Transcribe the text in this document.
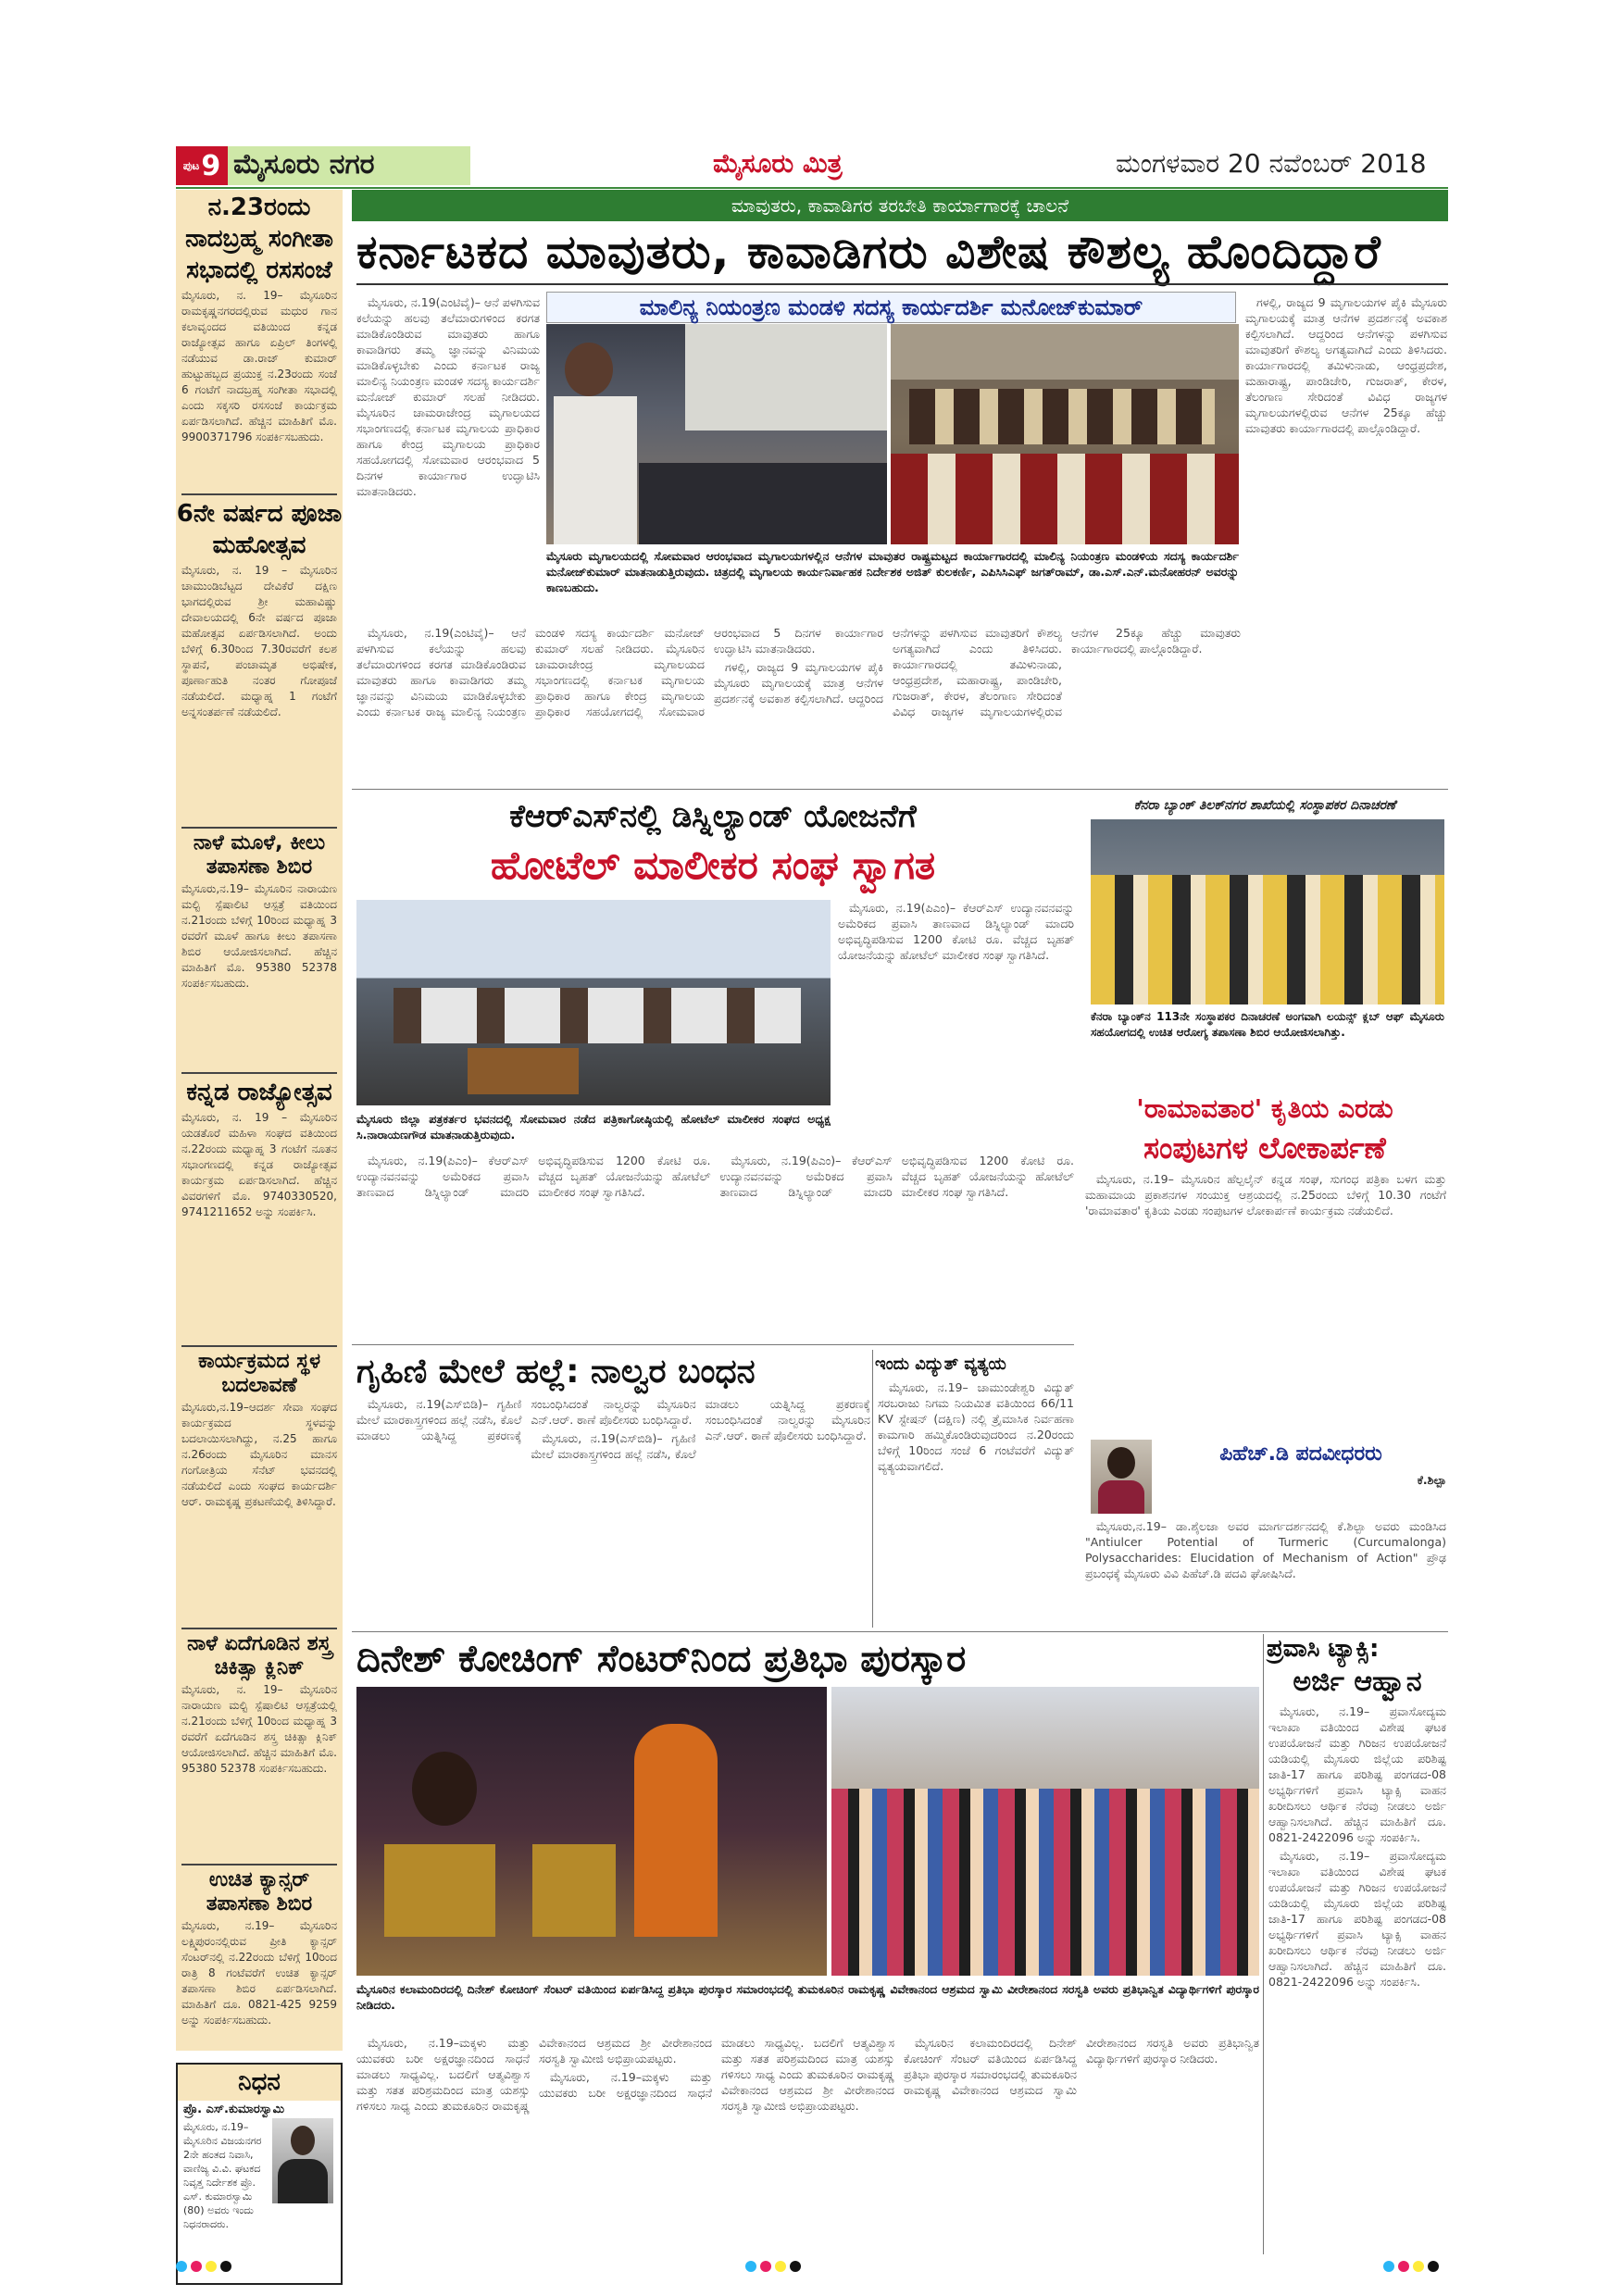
ಪುಟ 9 ಮೈಸೂರು ನಗರ	ಮೈಸೂರು ಮಿತ್ರ	ಮಂಗಳವಾರ 20 ನವೆಂಬರ್ 2018
ನ.23ರಂದು ನಾದಬ್ರಹ್ಮ ಸಂಗೀತಾ ಸಭಾದಲ್ಲಿ ರಸಸಂಜೆ
ಮೈಸೂರು, ನ. 19– ಮೈಸೂರಿನ ರಾಮಕೃಷ್ಣನಗರದಲ್ಲಿರುವ ಮಧುರ ಗಾನ ಕಲಾವೃಂದದ ವತಿಯಿಂದ ಕನ್ನಡ ರಾಜ್ಯೋತ್ಸವ ಹಾಗೂ ಏಪ್ರಿಲ್ ತಿಂಗಳಲ್ಲಿ ನಡೆಯುವ ಡಾ.ರಾಜ್ ಕುಮಾರ್ ಹುಟ್ಟುಹಬ್ಬದ ಪ್ರಯುಕ್ತ ನ.23ರಂದು ಸಂಜೆ 6 ಗಂಟೆಗೆ ನಾದಬ್ರಹ್ಮ ಸಂಗೀತಾ ಸಭಾದಲ್ಲಿ ಎಂದು ಸಕ್ಕಸರಿ ರಸಸಂಜೆ ಕಾರ್ಯಕ್ರಮ ಏರ್ಪಡಿಸಲಾಗಿದೆ. ಹೆಚ್ಚಿನ ಮಾಹಿತಿಗೆ ಮೊ. 9900371796 ಸಂಪರ್ಕಿಸಬಹುದು.
6ನೇ ವರ್ಷದ ಪೂಜಾ ಮಹೋತ್ಸವ
ಮೈಸೂರು, ನ. 19 – ಮೈಸೂರಿನ ಚಾಮುಂಡಿಬೆಟ್ಟದ ದೇವಿಕೆರೆ ದಕ್ಷಿಣ ಭಾಗದಲ್ಲಿರುವ ಶ್ರೀ ಮಹಾವಿಷ್ಣು ದೇವಾಲಯದಲ್ಲಿ 6ನೇ ವರ್ಷದ ಪೂಜಾ ಮಹೋತ್ಸವ ಏರ್ಪಡಿಸಲಾಗಿದೆ. ಅಂದು ಬೆಳಿಗ್ಗೆ 6.30ರಿಂದ 7.30ರವರೆಗೆ ಕಲಶ ಸ್ಥಾಪನೆ, ಪಂಚಾಮೃತ ಅಭಿಷೇಕ, ಪೂರ್ಣಾಹುತಿ ನಂತರ ಗೋಪೂಜೆ ನಡೆಯಲಿದೆ. ಮಧ್ಯಾಹ್ನ 1 ಗಂಟೆಗೆ ಅನ್ನಸಂತರ್ಪಣೆ ನಡೆಯಲಿದೆ.
ನಾಳೆ ಮೂಳೆ, ಕೀಲು ತಪಾಸಣಾ ಶಿಬಿರ
ಮೈಸೂರು,ನ.19– ಮೈಸೂರಿನ ನಾರಾಯಣ ಮಲ್ಟಿ ಸ್ಪೆಷಾಲಿಟಿ ಆಸ್ಪತ್ರೆ ವತಿಯಿಂದ ನ.21ರಂದು ಬೆಳಿಗ್ಗೆ 10ರಿಂದ ಮಧ್ಯಾಹ್ನ 3 ರವರೆಗೆ ಮೂಳೆ ಹಾಗೂ ಕೀಲು ತಪಾಸಣಾ ಶಿಬಿರ ಆಯೋಜಿಸಲಾಗಿದೆ. ಹೆಚ್ಚಿನ ಮಾಹಿತಿಗೆ ಮೊ. 95380 52378 ಸಂಪರ್ಕಿಸಬಹುದು.
ಕನ್ನಡ ರಾಜ್ಯೋತ್ಸವ
ಮೈಸೂರು, ನ. 19 – ಮೈಸೂರಿನ ಯಡತೊರೆ ಮಹಿಳಾ ಸಂಘದ ವತಿಯಿಂದ ನ.22ರಂದು ಮಧ್ಯಾಹ್ನ 3 ಗಂಟೆಗೆ ನೂತನ ಸಭಾಂಗಣದಲ್ಲಿ ಕನ್ನಡ ರಾಜ್ಯೋತ್ಸವ ಕಾರ್ಯಕ್ರಮ ಏರ್ಪಡಿಸಲಾಗಿದೆ. ಹೆಚ್ಚಿನ ವಿವರಗಳಿಗೆ ಮೊ. 9740330520, 9741211652 ಅನ್ನು ಸಂಪರ್ಕಿಸಿ.
ಕಾರ್ಯಕ್ರಮದ ಸ್ಥಳ ಬದಲಾವಣೆ
ಮೈಸೂರು,ನ.19–ಆದರ್ಶ ಸೇವಾ ಸಂಘದ ಕಾರ್ಯಕ್ರಮದ ಸ್ಥಳವನ್ನು ಬದಲಾಯಿಸಲಾಗಿದ್ದು, ನ.25 ಹಾಗೂ ನ.26ರಂದು ಮೈಸೂರಿನ ಮಾನಸ ಗಂಗೋತ್ರಿಯ ಸೆನೆಟ್ ಭವನದಲ್ಲಿ ನಡೆಯಲಿದೆ ಎಂದು ಸಂಘದ ಕಾರ್ಯದರ್ಶಿ ಆರ್. ರಾಮಕೃಷ್ಣ ಪ್ರಕಟಣೆಯಲ್ಲಿ ತಿಳಿಸಿದ್ದಾರೆ.
ನಾಳೆ ಏದೆಗೂಡಿನ ಶಸ್ತ್ರ ಚಿಕಿತ್ಸಾ ಕ್ಲಿನಿಕ್
ಮೈಸೂರು, ನ. 19– ಮೈಸೂರಿನ ನಾರಾಯಣ ಮಲ್ಟಿ ಸ್ಪೆಷಾಲಿಟಿ ಆಸ್ಪತ್ರೆಯಲ್ಲಿ ನ.21ರಂದು ಬೆಳಿಗ್ಗೆ 10ರಿಂದ ಮಧ್ಯಾಹ್ನ 3 ರವರೆಗೆ ಏದೆಗೂಡಿನ ಶಸ್ತ್ರ ಚಿಕಿತ್ಸಾ ಕ್ಲಿನಿಕ್ ಆಯೋಜಿಸಲಾಗಿದೆ. ಹೆಚ್ಚಿನ ಮಾಹಿತಿಗೆ ಮೊ. 95380 52378 ಸಂಪರ್ಕಿಸಬಹುದು.
ಉಚಿತ ಕ್ಯಾನ್ಸರ್ ತಪಾಸಣಾ ಶಿಬಿರ
ಮೈಸೂರು, ನ.19– ಮೈಸೂರಿನ ಲಕ್ಷ್ಮಿಪುರಂನಲ್ಲಿರುವ ಪ್ರೀತಿ ಕ್ಯಾನ್ಸರ್ ಸೆಂಟರ್‌ನಲ್ಲಿ ನ.22ರಂದು ಬೆಳಿಗ್ಗೆ 10ರಿಂದ ರಾತ್ರಿ 8 ಗಂಟೆವರೆಗೆ ಉಚಿತ ಕ್ಯಾನ್ಸರ್ ತಪಾಸಣಾ ಶಿಬಿರ ಏರ್ಪಡಿಸಲಾಗಿದೆ. ಮಾಹಿತಿಗೆ ದೂ. 0821-425 9259 ಅನ್ನು ಸಂಪರ್ಕಿಸಬಹುದು.
ನಿಧನ
ಪ್ರೊ. ಎಸ್.ಕುಮಾರಸ್ವಾಮಿ
ಮೈಸೂರು, ನ.19– ಮೈಸೂರಿನ ವಿಜಯನಗರ 2ನೇ ಹಂತದ ನಿವಾಸಿ, ವಾಣಿಜ್ಯ ವಿ.ವಿ. ಘಟಕದ ನಿವೃತ್ತ ನಿರ್ದೇಶಕ ಪ್ರೊ. ಎಸ್. ಕುಮಾರಸ್ವಾಮಿ (80) ಅವರು ಇಂದು ನಿಧನರಾದರು.
ಮಾವುತರು, ಕಾವಾಡಿಗರ ತರಬೇತಿ ಕಾರ್ಯಾಗಾರಕ್ಕೆ ಚಾಲನೆ
ಕರ್ನಾಟಕದ ಮಾವುತರು, ಕಾವಾಡಿಗರು ವಿಶೇಷ ಕೌಶಲ್ಯ ಹೊಂದಿದ್ದಾರೆ

ಮೈಸೂರು, ನ.19(ಎಂಟಿವೈ)– ಆನೆ ಪಳಗಿಸುವ ಕಲೆಯನ್ನು ಹಲವು ತಲೆಮಾರುಗಳಿಂದ ಕರಗತ ಮಾಡಿಕೊಂಡಿರುವ ಮಾವುತರು ಹಾಗೂ ಕಾವಾಡಿಗರು ತಮ್ಮ ಜ್ಞಾನವನ್ನು ವಿನಿಮಯ ಮಾಡಿಕೊಳ್ಳಬೇಕು ಎಂದು ಕರ್ನಾಟಕ ರಾಜ್ಯ ಮಾಲಿನ್ಯ ನಿಯಂತ್ರಣ ಮಂಡಳಿ ಸದಸ್ಯ ಕಾರ್ಯದರ್ಶಿ ಮನೋಜ್ ಕುಮಾರ್ ಸಲಹೆ ನೀಡಿದರು. ಮೈಸೂರಿನ ಚಾಮರಾಜೇಂದ್ರ ಮೃಗಾಲಯದ ಸಭಾಂಗಣದಲ್ಲಿ ಕರ್ನಾಟಕ ಮೃಗಾಲಯ ಪ್ರಾಧಿಕಾರ ಹಾಗೂ ಕೇಂದ್ರ ಮೃಗಾಲಯ ಪ್ರಾಧಿಕಾರ ಸಹಯೋಗದಲ್ಲಿ ಸೋಮವಾರ ಆರಂಭವಾದ 5 ದಿನಗಳ ಕಾರ್ಯಾಗಾರ ಉದ್ಘಾಟಿಸಿ ಮಾತನಾಡಿದರು.

ಮಾಲಿನ್ಯ ನಿಯಂತ್ರಣ ಮಂಡಳಿ ಸದಸ್ಯ ಕಾರ್ಯದರ್ಶಿ ಮನೋಜ್‌ಕುಮಾರ್
ಮೈಸೂರು ಮೃಗಾಲಯದಲ್ಲಿ ಸೋಮವಾರ ಆರಂಭವಾದ ಮೃಗಾಲಯಗಳಲ್ಲಿನ ಆನೆಗಳ ಮಾವುತರ ರಾಷ್ಟ್ರಮಟ್ಟದ ಕಾರ್ಯಾಗಾರದಲ್ಲಿ ಮಾಲಿನ್ಯ ನಿಯಂತ್ರಣ ಮಂಡಳಿಯ ಸದಸ್ಯ ಕಾರ್ಯದರ್ಶಿ ಮನೋಜ್‌ಕುಮಾರ್ ಮಾತನಾಡುತ್ತಿರುವುದು. ಚಿತ್ರದಲ್ಲಿ ಮೃಗಾಲಯ ಕಾರ್ಯನಿರ್ವಾಹಕ ನಿರ್ದೇಶಕ ಅಜಿತ್ ಕುಲಕರ್ಣಿ, ಎಪಿಸಿಸಿಎಫ್ ಜಗತ್‌ರಾಮ್, ಡಾ.ಎಸ್.ಎನ್.ಮನೋಹರನ್ ಅವರನ್ನು ಕಾಣಬಹುದು.

ಗಳಲ್ಲಿ, ರಾಜ್ಯದ 9 ಮೃಗಾಲಯಗಳ ಪೈಕಿ ಮೈಸೂರು ಮೃಗಾಲಯಕ್ಕೆ ಮಾತ್ರ ಆನೆಗಳ ಪ್ರದರ್ಶನಕ್ಕೆ ಅವಕಾಶ ಕಲ್ಪಿಸಲಾಗಿದೆ. ಆದ್ದರಿಂದ ಆನೆಗಳನ್ನು ಪಳಗಿಸುವ ಮಾವುತರಿಗೆ ಕೌಶಲ್ಯ ಅಗತ್ಯವಾಗಿದೆ ಎಂದು ತಿಳಿಸಿದರು. ಕಾರ್ಯಾಗಾರದಲ್ಲಿ ತಮಿಳುನಾಡು, ಆಂಧ್ರಪ್ರದೇಶ, ಮಹಾರಾಷ್ಟ್ರ, ಪಾಂಡಿಚೇರಿ, ಗುಜರಾತ್, ಕೇರಳ, ತೆಲಂಗಾಣ ಸೇರಿದಂತೆ ವಿವಿಧ ರಾಜ್ಯಗಳ ಮೃಗಾಲಯಗಳಲ್ಲಿರುವ ಆನೆಗಳ 25ಕ್ಕೂ ಹೆಚ್ಚು ಮಾವುತರು ಕಾರ್ಯಾಗಾರದಲ್ಲಿ ಪಾಲ್ಗೊಂಡಿದ್ದಾರೆ.

ಮೈಸೂರು, ನ.19(ಎಂಟಿವೈ)– ಆನೆ ಪಳಗಿಸುವ ಕಲೆಯನ್ನು ಹಲವು ತಲೆಮಾರುಗಳಿಂದ ಕರಗತ ಮಾಡಿಕೊಂಡಿರುವ ಮಾವುತರು ಹಾಗೂ ಕಾವಾಡಿಗರು ತಮ್ಮ ಜ್ಞಾನವನ್ನು ವಿನಿಮಯ ಮಾಡಿಕೊಳ್ಳಬೇಕು ಎಂದು ಕರ್ನಾಟಕ ರಾಜ್ಯ ಮಾಲಿನ್ಯ ನಿಯಂತ್ರಣ ಮಂಡಳಿ ಸದಸ್ಯ ಕಾರ್ಯದರ್ಶಿ ಮನೋಜ್ ಕುಮಾರ್ ಸಲಹೆ ನೀಡಿದರು. ಮೈಸೂರಿನ ಚಾಮರಾಜೇಂದ್ರ ಮೃಗಾಲಯದ ಸಭಾಂಗಣದಲ್ಲಿ ಕರ್ನಾಟಕ ಮೃಗಾಲಯ ಪ್ರಾಧಿಕಾರ ಹಾಗೂ ಕೇಂದ್ರ ಮೃಗಾಲಯ ಪ್ರಾಧಿಕಾರ ಸಹಯೋಗದಲ್ಲಿ ಸೋಮವಾರ ಆರಂಭವಾದ 5 ದಿನಗಳ ಕಾರ್ಯಾಗಾರ ಉದ್ಘಾಟಿಸಿ ಮಾತನಾಡಿದರು.

ಗಳಲ್ಲಿ, ರಾಜ್ಯದ 9 ಮೃಗಾಲಯಗಳ ಪೈಕಿ ಮೈಸೂರು ಮೃಗಾಲಯಕ್ಕೆ ಮಾತ್ರ ಆನೆಗಳ ಪ್ರದರ್ಶನಕ್ಕೆ ಅವಕಾಶ ಕಲ್ಪಿಸಲಾಗಿದೆ. ಆದ್ದರಿಂದ ಆನೆಗಳನ್ನು ಪಳಗಿಸುವ ಮಾವುತರಿಗೆ ಕೌಶಲ್ಯ ಅಗತ್ಯವಾಗಿದೆ ಎಂದು ತಿಳಿಸಿದರು. ಕಾರ್ಯಾಗಾರದಲ್ಲಿ ತಮಿಳುನಾಡು, ಆಂಧ್ರಪ್ರದೇಶ, ಮಹಾರಾಷ್ಟ್ರ, ಪಾಂಡಿಚೇರಿ, ಗುಜರಾತ್, ಕೇರಳ, ತೆಲಂಗಾಣ ಸೇರಿದಂತೆ ವಿವಿಧ ರಾಜ್ಯಗಳ ಮೃಗಾಲಯಗಳಲ್ಲಿರುವ ಆನೆಗಳ 25ಕ್ಕೂ ಹೆಚ್ಚು ಮಾವುತರು ಕಾರ್ಯಾಗಾರದಲ್ಲಿ ಪಾಲ್ಗೊಂಡಿದ್ದಾರೆ.

ಕೆಆರ್‌ಎಸ್‌ನಲ್ಲಿ ಡಿಸ್ನಿಲ್ಯಾಂಡ್ ಯೋಜನೆಗೆ
ಹೋಟೆಲ್ ಮಾಲೀಕರ ಸಂಘ ಸ್ವಾಗತ
ಮೈಸೂರು ಜಿಲ್ಲಾ ಪತ್ರಕರ್ತರ ಭವನದಲ್ಲಿ ಸೋಮವಾರ ನಡೆದ ಪತ್ರಿಕಾಗೋಷ್ಠಿಯಲ್ಲಿ ಹೋಟೆಲ್ ಮಾಲೀಕರ ಸಂಘದ ಅಧ್ಯಕ್ಷ ಸಿ.ನಾರಾಯಣಗೌಡ ಮಾತನಾಡುತ್ತಿರುವುದು.

ಮೈಸೂರು, ನ.19(ಪಿಎಂ)– ಕೆಆರ್‌ಎಸ್ ಉದ್ಯಾನವನವನ್ನು ಅಮೆರಿಕದ ಪ್ರವಾಸಿ ತಾಣವಾದ ಡಿಸ್ನಿಲ್ಯಾಂಡ್ ಮಾದರಿ ಅಭಿವೃದ್ಧಿಪಡಿಸುವ 1200 ಕೋಟಿ ರೂ. ವೆಚ್ಚದ ಬೃಹತ್ ಯೋಜನೆಯನ್ನು ಹೋಟೆಲ್ ಮಾಲೀಕರ ಸಂಘ ಸ್ವಾಗತಿಸಿದೆ.

ಮೈಸೂರು, ನ.19(ಪಿಎಂ)– ಕೆಆರ್‌ಎಸ್ ಉದ್ಯಾನವನವನ್ನು ಅಮೆರಿಕದ ಪ್ರವಾಸಿ ತಾಣವಾದ ಡಿಸ್ನಿಲ್ಯಾಂಡ್ ಮಾದರಿ ಅಭಿವೃದ್ಧಿಪಡಿಸುವ 1200 ಕೋಟಿ ರೂ. ವೆಚ್ಚದ ಬೃಹತ್ ಯೋಜನೆಯನ್ನು ಹೋಟೆಲ್ ಮಾಲೀಕರ ಸಂಘ ಸ್ವಾಗತಿಸಿದೆ.

ಮೈಸೂರು, ನ.19(ಪಿಎಂ)– ಕೆಆರ್‌ಎಸ್ ಉದ್ಯಾನವನವನ್ನು ಅಮೆರಿಕದ ಪ್ರವಾಸಿ ತಾಣವಾದ ಡಿಸ್ನಿಲ್ಯಾಂಡ್ ಮಾದರಿ ಅಭಿವೃದ್ಧಿಪಡಿಸುವ 1200 ಕೋಟಿ ರೂ. ವೆಚ್ಚದ ಬೃಹತ್ ಯೋಜನೆಯನ್ನು ಹೋಟೆಲ್ ಮಾಲೀಕರ ಸಂಘ ಸ್ವಾಗತಿಸಿದೆ.

ಕೆನರಾ ಬ್ಯಾಂಕ್ ತಿಲಕ್‌ನಗರ ಶಾಖೆಯಲ್ಲಿ ಸಂಸ್ಥಾಪಕರ ದಿನಾಚರಣೆ
ಕೆನರಾ ಬ್ಯಾಂಕ್‌ನ 113ನೇ ಸಂಸ್ಥಾಪಕರ ದಿನಾಚರಣೆ ಅಂಗವಾಗಿ ಲಯನ್ಸ್ ಕ್ಲಬ್ ಆಫ್ ಮೈಸೂರು ಸಹಯೋಗದಲ್ಲಿ ಉಚಿತ ಆರೋಗ್ಯ ತಪಾಸಣಾ ಶಿಬಿರ ಆಯೋಜಿಸಲಾಗಿತ್ತು.
'ರಾಮಾವತಾರ' ಕೃತಿಯ ಎರಡು
ಸಂಪುಟಗಳ ಲೋಕಾರ್ಪಣೆ

ಮೈಸೂರು, ನ.19– ಮೈಸೂರಿನ ಹೆಲ್ಪಲೈನ್ ಕನ್ನಡ ಸಂಘ, ಸುಗಂಧ ಪತ್ರಿಕಾ ಬಳಗ ಮತ್ತು ಮಹಾಮಾಯ ಪ್ರಕಾಶನಗಳ ಸಂಯುಕ್ತ ಆಶ್ರಯದಲ್ಲಿ ನ.25ರಂದು ಬೆಳಿಗ್ಗೆ 10.30 ಗಂಟೆಗೆ 'ರಾಮಾವತಾರ' ಕೃತಿಯ ಎರಡು ಸಂಪುಟಗಳ ಲೋಕಾರ್ಪಣೆ ಕಾರ್ಯಕ್ರಮ ನಡೆಯಲಿದೆ.

ಗೃಹಿಣಿ ಮೇಲೆ ಹಲ್ಲೆ: ನಾಲ್ವರ ಬಂಧನ

ಮೈಸೂರು, ನ.19(ಎಸ್‌ಬಿಡಿ)– ಗೃಹಿಣಿ ಮೇಲೆ ಮಾರಕಾಸ್ತ್ರಗಳಿಂದ ಹಲ್ಲೆ ನಡೆಸಿ, ಕೊಲೆ ಮಾಡಲು ಯತ್ನಿಸಿದ್ದ ಪ್ರಕರಣಕ್ಕೆ ಸಂಬಂಧಿಸಿದಂತೆ ನಾಲ್ವರನ್ನು ಮೈಸೂರಿನ ಎನ್.ಆರ್. ಠಾಣೆ ಪೊಲೀಸರು ಬಂಧಿಸಿದ್ದಾರೆ.

ಮೈಸೂರು, ನ.19(ಎಸ್‌ಬಿಡಿ)– ಗೃಹಿಣಿ ಮೇಲೆ ಮಾರಕಾಸ್ತ್ರಗಳಿಂದ ಹಲ್ಲೆ ನಡೆಸಿ, ಕೊಲೆ ಮಾಡಲು ಯತ್ನಿಸಿದ್ದ ಪ್ರಕರಣಕ್ಕೆ ಸಂಬಂಧಿಸಿದಂತೆ ನಾಲ್ವರನ್ನು ಮೈಸೂರಿನ ಎನ್.ಆರ್. ಠಾಣೆ ಪೊಲೀಸರು ಬಂಧಿಸಿದ್ದಾರೆ.

ಇಂದು ವಿದ್ಯುತ್ ವ್ಯತ್ಯಯ

ಮೈಸೂರು, ನ.19– ಚಾಮುಂಡೇಶ್ವರಿ ವಿದ್ಯುತ್ ಸರಬರಾಜು ನಿಗಮ ನಿಯಮಿತ ವತಿಯಿಂದ 66/11 KV ಸ್ಟೇಷನ್ (ದಕ್ಷಿಣ) ನಲ್ಲಿ ತ್ರೈಮಾಸಿಕ ನಿರ್ವಹಣಾ ಕಾಮಗಾರಿ ಹಮ್ಮಿಕೊಂಡಿರುವುದರಿಂದ ನ.20ರಂದು ಬೆಳಿಗ್ಗೆ 10ರಿಂದ ಸಂಜೆ 6 ಗಂಟೆವರೆಗೆ ವಿದ್ಯುತ್ ವ್ಯತ್ಯಯವಾಗಲಿದೆ.

ಪಿಹೆಚ್.ಡಿ ಪದವೀಧರರು

ಕೆ.ಶಿಲ್ಪಾ

ಮೈಸೂರು,ನ.19– ಡಾ.ಶೈಲಜಾ ಅವರ ಮಾರ್ಗದರ್ಶನದಲ್ಲಿ ಕೆ.ಶಿಲ್ಪಾ ಅವರು ಮಂಡಿಸಿದ "Antiulcer Potential of Turmeric (Curcumalonga) Polysaccharides: Elucidation of Mechanism of Action" ಪ್ರೌಢ ಪ್ರಬಂಧಕ್ಕೆ ಮೈಸೂರು ವಿವಿ ಪಿಹೆಚ್.ಡಿ ಪದವಿ ಘೋಷಿಸಿದೆ.

ದಿನೇಶ್ ಕೋಚಿಂಗ್ ಸೆಂಟರ್‌ನಿಂದ ಪ್ರತಿಭಾ ಪುರಸ್ಕಾರ
ಮೈಸೂರಿನ ಕಲಾಮಂದಿರದಲ್ಲಿ ದಿನೇಶ್ ಕೋಚಿಂಗ್ ಸೆಂಟರ್ ವತಿಯಿಂದ ಏರ್ಪಡಿಸಿದ್ದ ಪ್ರತಿಭಾ ಪುರಸ್ಕಾರ ಸಮಾರಂಭದಲ್ಲಿ ತುಮಕೂರಿನ ರಾಮಕೃಷ್ಣ ವಿವೇಕಾನಂದ ಆಶ್ರಮದ ಸ್ವಾಮಿ ವೀರೇಶಾನಂದ ಸರಸ್ವತಿ ಅವರು ಪ್ರತಿಭಾನ್ವಿತ ವಿದ್ಯಾರ್ಥಿಗಳಿಗೆ ಪುರಸ್ಕಾರ ನೀಡಿದರು.

ಮೈಸೂರು, ನ.19–ಮಕ್ಕಳು ಮತ್ತು ಯುವಕರು ಬರೀ ಅಕ್ಷರಜ್ಞಾನದಿಂದ ಸಾಧನೆ ಮಾಡಲು ಸಾಧ್ಯವಿಲ್ಲ. ಬದಲಿಗೆ ಆತ್ಮವಿಶ್ವಾಸ ಮತ್ತು ಸತತ ಪರಿಶ್ರಮದಿಂದ ಮಾತ್ರ ಯಶಸ್ಸು ಗಳಿಸಲು ಸಾಧ್ಯ ಎಂದು ತುಮಕೂರಿನ ರಾಮಕೃಷ್ಣ ವಿವೇಕಾನಂದ ಆಶ್ರಮದ ಶ್ರೀ ವೀರೇಶಾನಂದ ಸರಸ್ವತಿ ಸ್ವಾಮೀಜಿ ಅಭಿಪ್ರಾಯಪಟ್ಟರು.

ಮೈಸೂರು, ನ.19–ಮಕ್ಕಳು ಮತ್ತು ಯುವಕರು ಬರೀ ಅಕ್ಷರಜ್ಞಾನದಿಂದ ಸಾಧನೆ ಮಾಡಲು ಸಾಧ್ಯವಿಲ್ಲ. ಬದಲಿಗೆ ಆತ್ಮವಿಶ್ವಾಸ ಮತ್ತು ಸತತ ಪರಿಶ್ರಮದಿಂದ ಮಾತ್ರ ಯಶಸ್ಸು ಗಳಿಸಲು ಸಾಧ್ಯ ಎಂದು ತುಮಕೂರಿನ ರಾಮಕೃಷ್ಣ ವಿವೇಕಾನಂದ ಆಶ್ರಮದ ಶ್ರೀ ವೀರೇಶಾನಂದ ಸರಸ್ವತಿ ಸ್ವಾಮೀಜಿ ಅಭಿಪ್ರಾಯಪಟ್ಟರು.

ಮೈಸೂರಿನ ಕಲಾಮಂದಿರದಲ್ಲಿ ದಿನೇಶ್ ಕೋಚಿಂಗ್ ಸೆಂಟರ್ ವತಿಯಿಂದ ಏರ್ಪಡಿಸಿದ್ದ ಪ್ರತಿಭಾ ಪುರಸ್ಕಾರ ಸಮಾರಂಭದಲ್ಲಿ ತುಮಕೂರಿನ ರಾಮಕೃಷ್ಣ ವಿವೇಕಾನಂದ ಆಶ್ರಮದ ಸ್ವಾಮಿ ವೀರೇಶಾನಂದ ಸರಸ್ವತಿ ಅವರು ಪ್ರತಿಭಾನ್ವಿತ ವಿದ್ಯಾರ್ಥಿಗಳಿಗೆ ಪುರಸ್ಕಾರ ನೀಡಿದರು.

ಪ್ರವಾಸಿ ಟ್ಯಾಕ್ಸಿ:
ಅರ್ಜಿ ಆಹ್ವಾನ

ಮೈಸೂರು, ನ.19– ಪ್ರವಾಸೋದ್ಯಮ ಇಲಾಖಾ ವತಿಯಿಂದ ವಿಶೇಷ ಘಟಕ ಉಪಯೋಜನೆ ಮತ್ತು ಗಿರಿಜನ ಉಪಯೋಜನೆ ಯಡಿಯಲ್ಲಿ ಮೈಸೂರು ಜಿಲ್ಲೆಯ ಪರಿಶಿಷ್ಟ ಜಾತಿ-17 ಹಾಗೂ ಪರಿಶಿಷ್ಟ ಪಂಗಡದ-08 ಅಭ್ಯರ್ಥಿಗಳಿಗೆ ಪ್ರವಾಸಿ ಟ್ಯಾಕ್ಸಿ ವಾಹನ ಖರೀದಿಸಲು ಆರ್ಥಿಕ ನೆರವು ನೀಡಲು ಅರ್ಜಿ ಆಹ್ವಾನಿಸಲಾಗಿದೆ. ಹೆಚ್ಚಿನ ಮಾಹಿತಿಗೆ ದೂ. 0821-2422096 ಅನ್ನು ಸಂಪರ್ಕಿಸಿ.

ಮೈಸೂರು, ನ.19– ಪ್ರವಾಸೋದ್ಯಮ ಇಲಾಖಾ ವತಿಯಿಂದ ವಿಶೇಷ ಘಟಕ ಉಪಯೋಜನೆ ಮತ್ತು ಗಿರಿಜನ ಉಪಯೋಜನೆ ಯಡಿಯಲ್ಲಿ ಮೈಸೂರು ಜಿಲ್ಲೆಯ ಪರಿಶಿಷ್ಟ ಜಾತಿ-17 ಹಾಗೂ ಪರಿಶಿಷ್ಟ ಪಂಗಡದ-08 ಅಭ್ಯರ್ಥಿಗಳಿಗೆ ಪ್ರವಾಸಿ ಟ್ಯಾಕ್ಸಿ ವಾಹನ ಖರೀದಿಸಲು ಆರ್ಥಿಕ ನೆರವು ನೀಡಲು ಅರ್ಜಿ ಆಹ್ವಾನಿಸಲಾಗಿದೆ. ಹೆಚ್ಚಿನ ಮಾಹಿತಿಗೆ ದೂ. 0821-2422096 ಅನ್ನು ಸಂಪರ್ಕಿಸಿ.
